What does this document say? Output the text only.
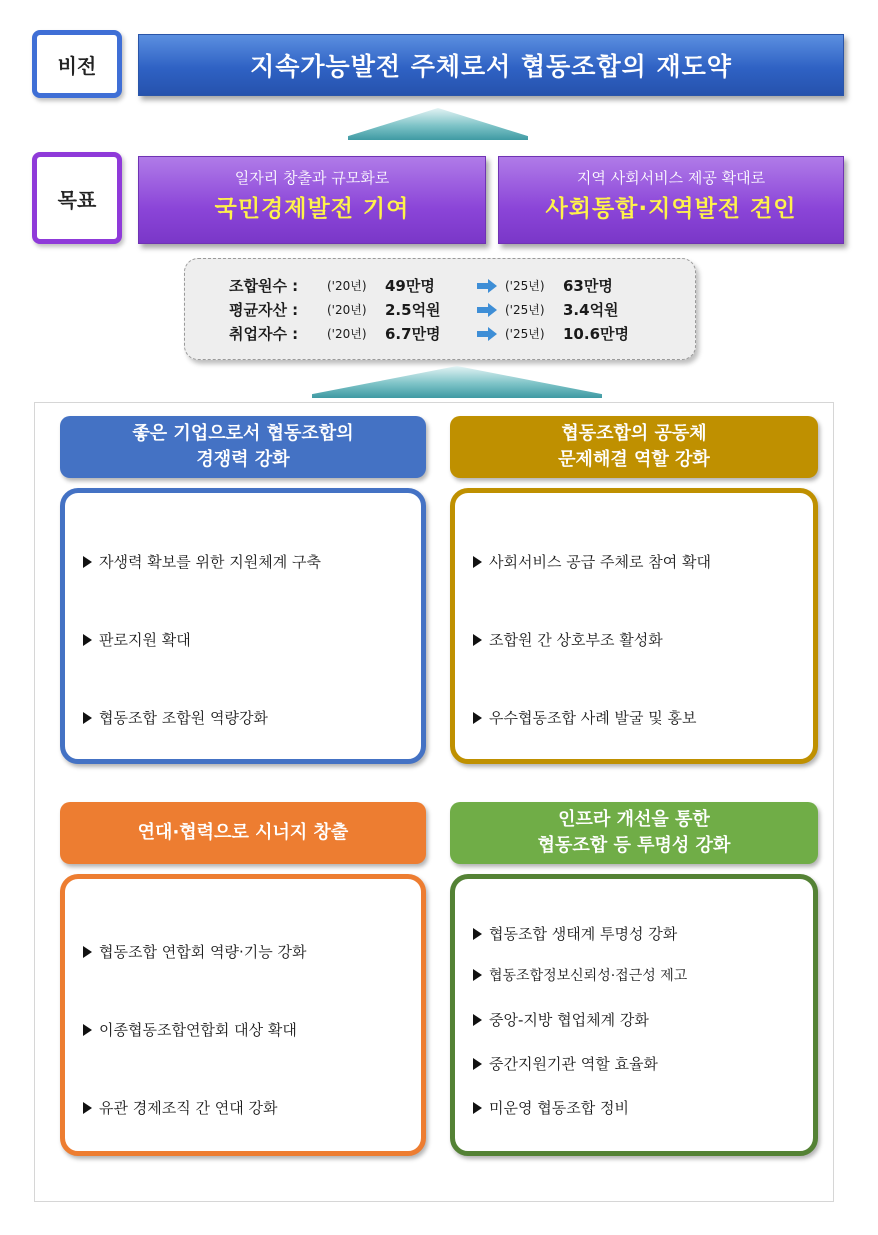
비전	지속가능발전 주체로서 협동조합의 재도약
목표
일자리 창출과 규모화로
국민경제발전 기여
지역 사회서비스 제공 확대로
사회통합·지역발전 견인
조합원수 : ('20년) 49만명	('25년) 63만명
평균자산 : ('20년) 2.5억원	('25년) 3.4억원
취업자수 : ('20년) 6.7만명	('25년) 10.6만명
좋은 기업으로서 협동조합의
경쟁력 강화
자생력 확보를 위한 지원체계 구축
판로지원 확대
협동조합 조합원 역량강화
협동조합의 공동체
문제해결 역할 강화
사회서비스 공급 주체로 참여 확대
조합원 간 상호부조 활성화
우수협동조합 사례 발굴 및 홍보
연대·협력으로 시너지 창출
협동조합 연합회 역량·기능 강화
이종협동조합연합회 대상 확대
유관 경제조직 간 연대 강화
인프라 개선을 통한
협동조합 등 투명성 강화
협동조합 생태계 투명성 강화
협동조합정보신뢰성·접근성 제고
중앙-지방 협업체계 강화
중간지원기관 역할 효율화
미운영 협동조합 정비
